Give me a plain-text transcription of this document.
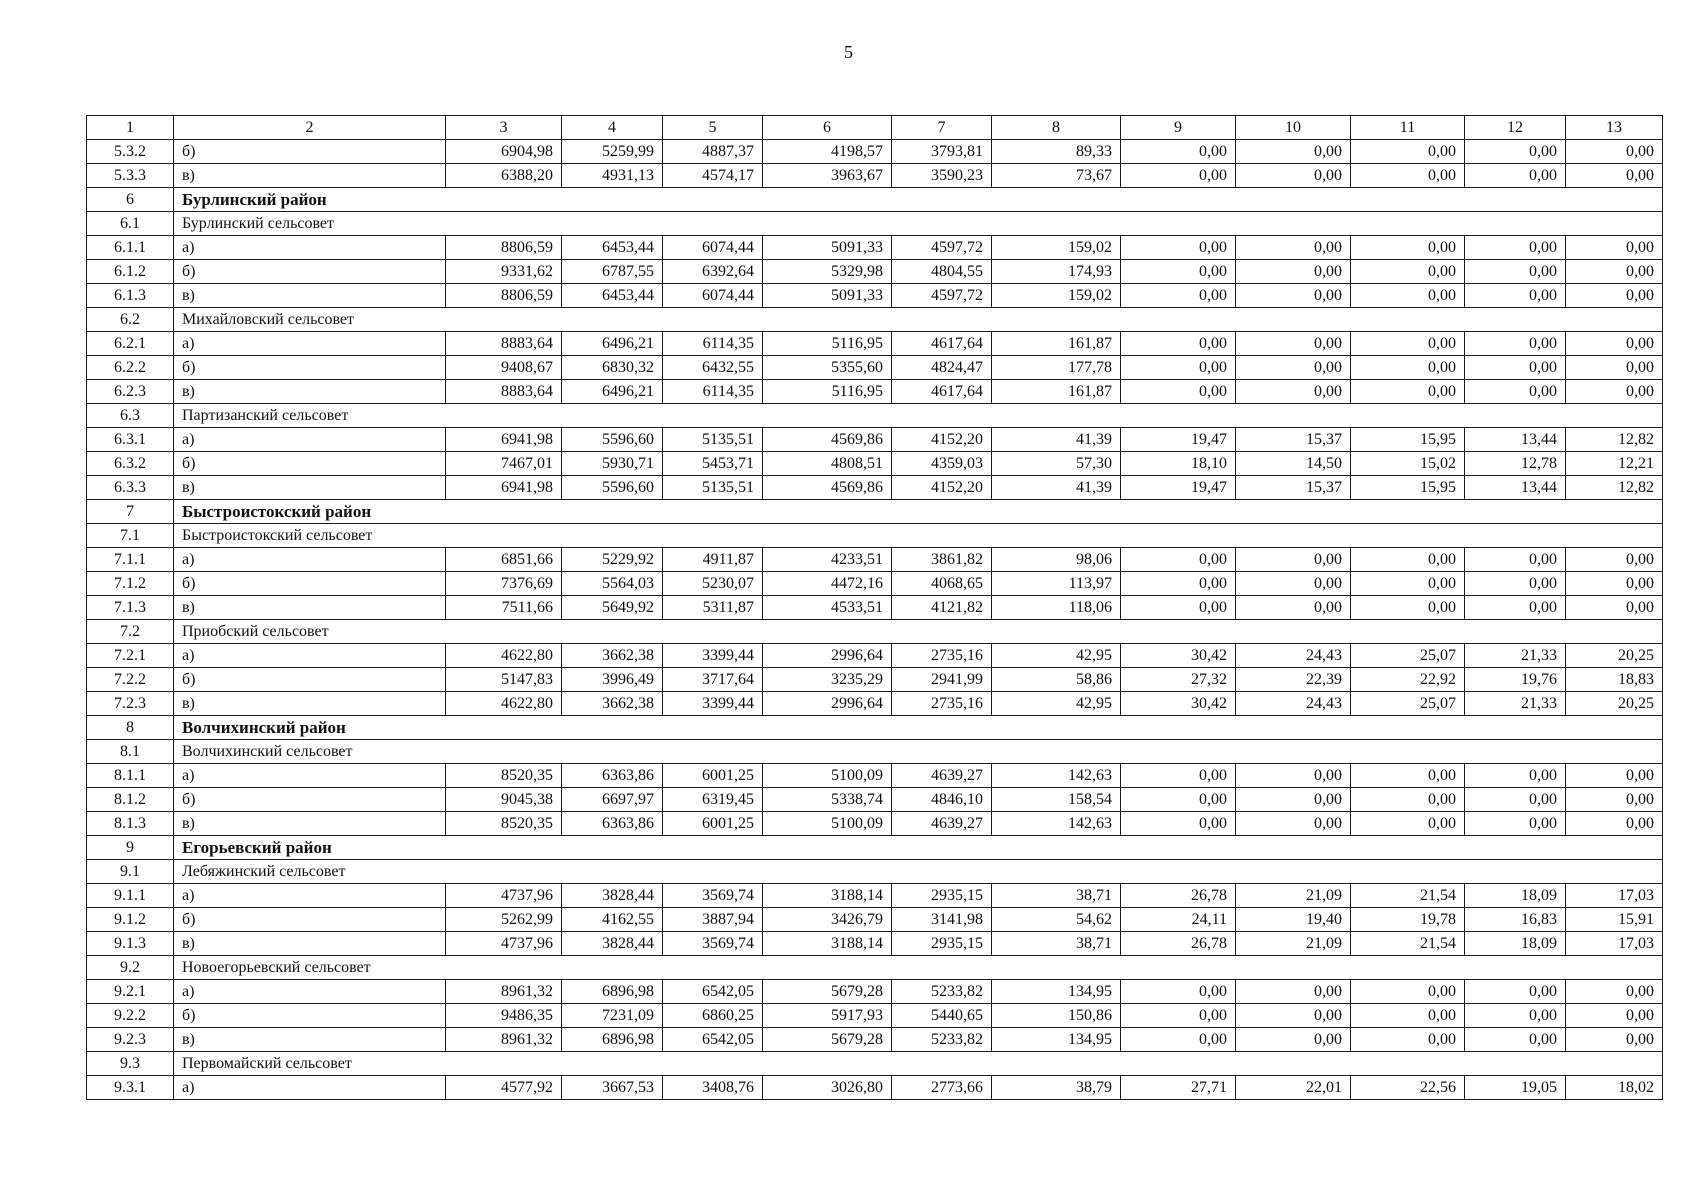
5
1	2	3	4	5	6	7	8	9	10	11	12	13
5.3.2	б)	6904,98	5259,99	4887,37	4198,57	3793,81	89,33	0,00	0,00	0,00	0,00	0,00
5.3.3	в)	6388,20	4931,13	4574,17	3963,67	3590,23	73,67	0,00	0,00	0,00	0,00	0,00
6	Бурлинский район											
6.1	Бурлинский сельсовет											
6.1.1	а)	8806,59	6453,44	6074,44	5091,33	4597,72	159,02	0,00	0,00	0,00	0,00	0,00
6.1.2	б)	9331,62	6787,55	6392,64	5329,98	4804,55	174,93	0,00	0,00	0,00	0,00	0,00
6.1.3	в)	8806,59	6453,44	6074,44	5091,33	4597,72	159,02	0,00	0,00	0,00	0,00	0,00
6.2	Михайловский сельсовет											
6.2.1	а)	8883,64	6496,21	6114,35	5116,95	4617,64	161,87	0,00	0,00	0,00	0,00	0,00
6.2.2	б)	9408,67	6830,32	6432,55	5355,60	4824,47	177,78	0,00	0,00	0,00	0,00	0,00
6.2.3	в)	8883,64	6496,21	6114,35	5116,95	4617,64	161,87	0,00	0,00	0,00	0,00	0,00
6.3	Партизанский сельсовет											
6.3.1	а)	6941,98	5596,60	5135,51	4569,86	4152,20	41,39	19,47	15,37	15,95	13,44	12,82
6.3.2	б)	7467,01	5930,71	5453,71	4808,51	4359,03	57,30	18,10	14,50	15,02	12,78	12,21
6.3.3	в)	6941,98	5596,60	5135,51	4569,86	4152,20	41,39	19,47	15,37	15,95	13,44	12,82
7	Быстроистокский район											
7.1	Быстроистокский сельсовет											
7.1.1	а)	6851,66	5229,92	4911,87	4233,51	3861,82	98,06	0,00	0,00	0,00	0,00	0,00
7.1.2	б)	7376,69	5564,03	5230,07	4472,16	4068,65	113,97	0,00	0,00	0,00	0,00	0,00
7.1.3	в)	7511,66	5649,92	5311,87	4533,51	4121,82	118,06	0,00	0,00	0,00	0,00	0,00
7.2	Приобский сельсовет											
7.2.1	а)	4622,80	3662,38	3399,44	2996,64	2735,16	42,95	30,42	24,43	25,07	21,33	20,25
7.2.2	б)	5147,83	3996,49	3717,64	3235,29	2941,99	58,86	27,32	22,39	22,92	19,76	18,83
7.2.3	в)	4622,80	3662,38	3399,44	2996,64	2735,16	42,95	30,42	24,43	25,07	21,33	20,25
8	Волчихинский район											
8.1	Волчихинский сельсовет											
8.1.1	а)	8520,35	6363,86	6001,25	5100,09	4639,27	142,63	0,00	0,00	0,00	0,00	0,00
8.1.2	б)	9045,38	6697,97	6319,45	5338,74	4846,10	158,54	0,00	0,00	0,00	0,00	0,00
8.1.3	в)	8520,35	6363,86	6001,25	5100,09	4639,27	142,63	0,00	0,00	0,00	0,00	0,00
9	Егорьевский район											
9.1	Лебяжинский сельсовет											
9.1.1	а)	4737,96	3828,44	3569,74	3188,14	2935,15	38,71	26,78	21,09	21,54	18,09	17,03
9.1.2	б)	5262,99	4162,55	3887,94	3426,79	3141,98	54,62	24,11	19,40	19,78	16,83	15,91
9.1.3	в)	4737,96	3828,44	3569,74	3188,14	2935,15	38,71	26,78	21,09	21,54	18,09	17,03
9.2	Новоегорьевский сельсовет											
9.2.1	а)	8961,32	6896,98	6542,05	5679,28	5233,82	134,95	0,00	0,00	0,00	0,00	0,00
9.2.2	б)	9486,35	7231,09	6860,25	5917,93	5440,65	150,86	0,00	0,00	0,00	0,00	0,00
9.2.3	в)	8961,32	6896,98	6542,05	5679,28	5233,82	134,95	0,00	0,00	0,00	0,00	0,00
9.3	Первомайский сельсовет											
9.3.1	а)	4577,92	3667,53	3408,76	3026,80	2773,66	38,79	27,71	22,01	22,56	19,05	18,02
